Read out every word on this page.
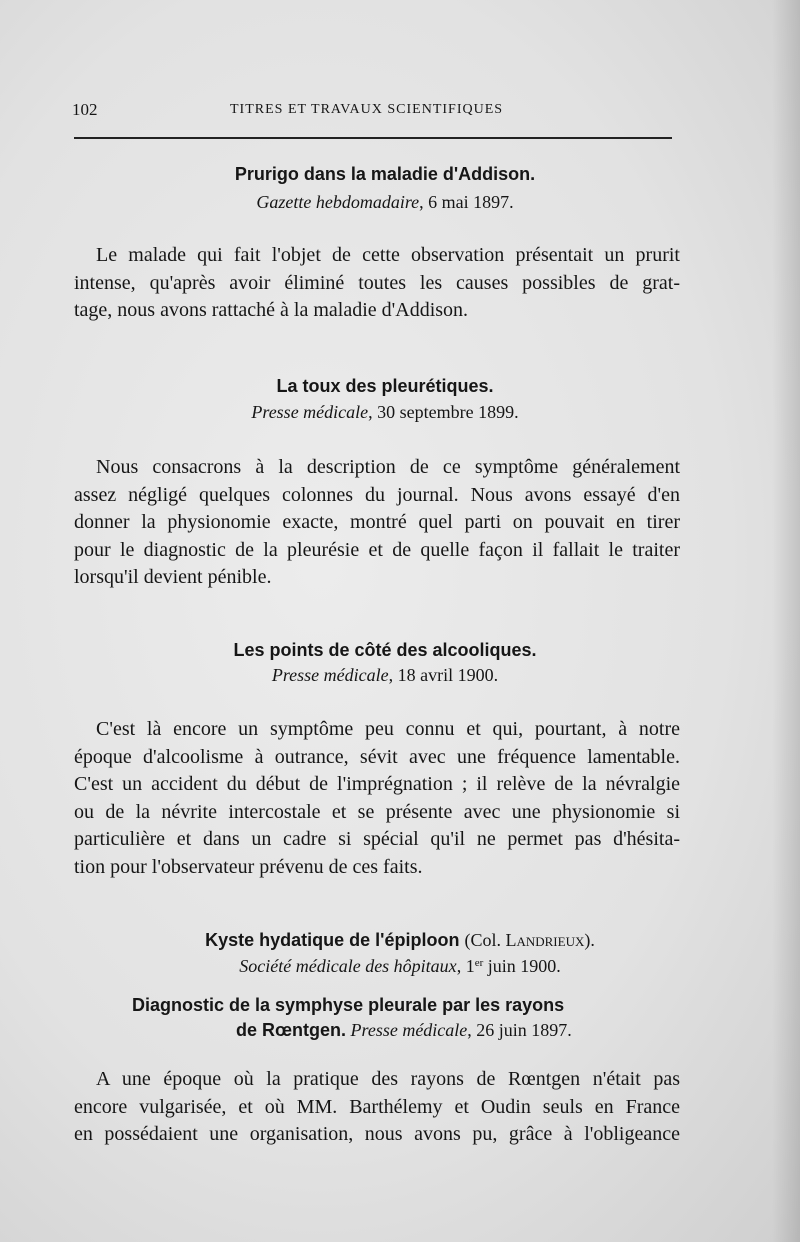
102	TITRES ET TRAVAUX SCIENTIFIQUES
Prurigo dans la maladie d'Addison.
Gazette hebdomadaire, 6 mai 1897.
Le malade qui fait l'objet de cette observation présentait un prurit
intense, qu'après avoir éliminé toutes les causes possibles de grat-
tage, nous avons rattaché à la maladie d'Addison.
La toux des pleurétiques.
Presse médicale, 30 septembre 1899.
Nous consacrons à la description de ce symptôme généralement
assez négligé quelques colonnes du journal. Nous avons essayé d'en
donner la physionomie exacte, montré quel parti on pouvait en tirer
pour le diagnostic de la pleurésie et de quelle façon il fallait le traiter
lorsqu'il devient pénible.
Les points de côté des alcooliques.
Presse médicale, 18 avril 1900.
C'est là encore un symptôme peu connu et qui, pourtant, à notre
époque d'alcoolisme à outrance, sévit avec une fréquence lamentable.
C'est un accident du début de l'imprégnation ; il relève de la névralgie
ou de la névrite intercostale et se présente avec une physionomie si
particulière et dans un cadre si spécial qu'il ne permet pas d'hésita-
tion pour l'observateur prévenu de ces faits.
Kyste hydatique de l'épiploon (Col. Landrieux).
Société médicale des hôpitaux, 1er juin 1900.
Diagnostic de la symphyse pleurale par les rayons
de Rœntgen. Presse médicale, 26 juin 1897.
A une époque où la pratique des rayons de Rœntgen n'était pas
encore vulgarisée, et où MM. Barthélemy et Oudin seuls en France
en possédaient une organisation, nous avons pu, grâce à l'obligeance
